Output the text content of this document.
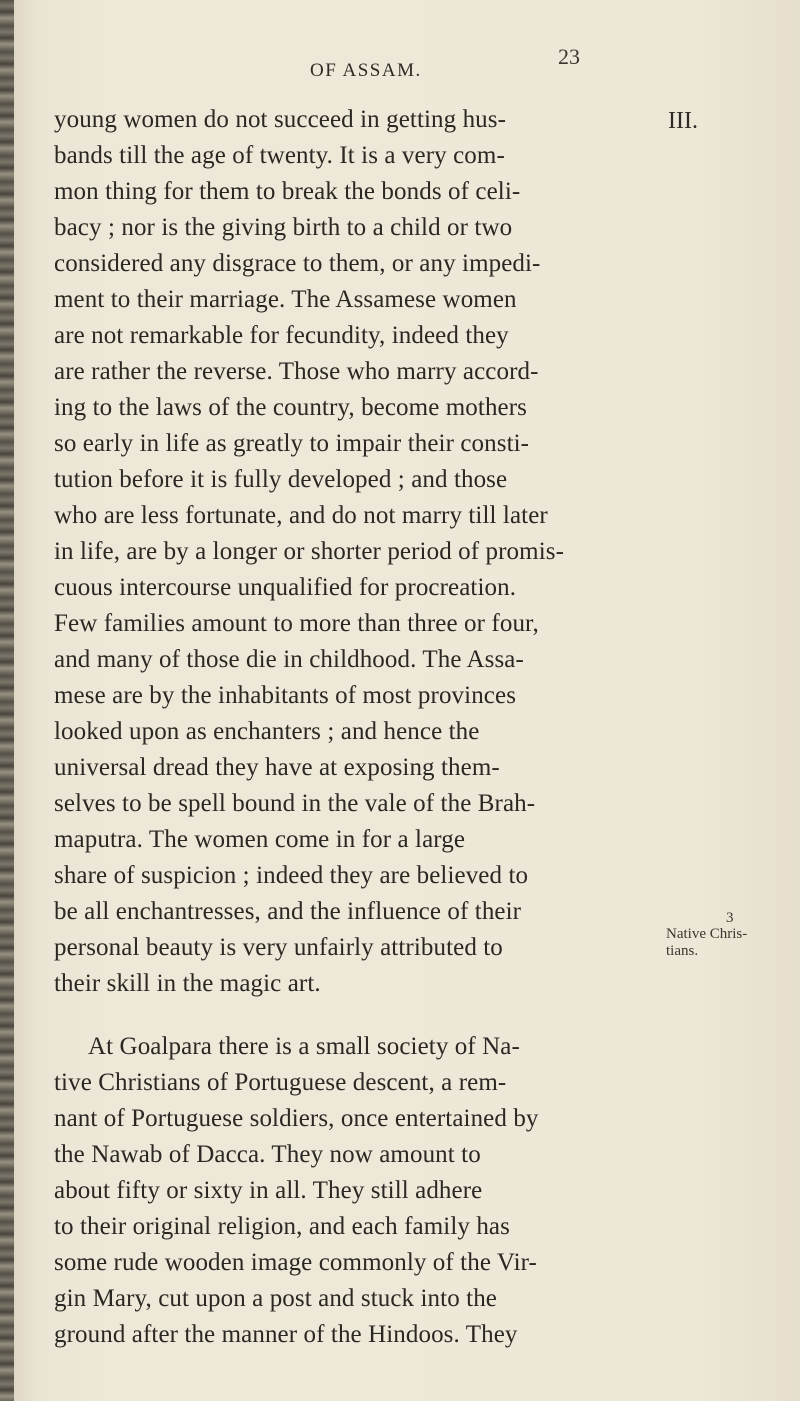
OF ASSAM.
23
III.
young women do not succeed in getting hus-
bands till the age of twenty. It is a very com-
mon thing for them to break the bonds of celi-
bacy ; nor is the giving birth to a child or two
considered any disgrace to them, or any impedi-
ment to their marriage. The Assamese women
are not remarkable for fecundity, indeed they
are rather the reverse. Those who marry accord-
ing to the laws of the country, become mothers
so early in life as greatly to impair their consti-
tution before it is fully developed ; and those
who are less fortunate, and do not marry till later
in life, are by a longer or shorter period of promis-
cuous intercourse unqualified for procreation.
Few families amount to more than three or four,
and many of those die in childhood. The Assa-
mese are by the inhabitants of most provinces
looked upon as enchanters ; and hence the
universal dread they have at exposing them-
selves to be spell bound in the vale of the Brah-
maputra. The women come in for a large
share of suspicion ; indeed they are believed to
be all enchantresses, and the influence of their
personal beauty is very unfairly attributed to
their skill in the magic art.
At Goalpara there is a small society of Na-
tive Christians of Portuguese descent, a rem-
nant of Portuguese soldiers, once entertained by
the Nawab of Dacca. They now amount to
about fifty or sixty in all. They still adhere
to their original religion, and each family has
some rude wooden image commonly of the Vir-
gin Mary, cut upon a post and stuck into the
ground after the manner of the Hindoos. They
3
Native Chris-
tians.
